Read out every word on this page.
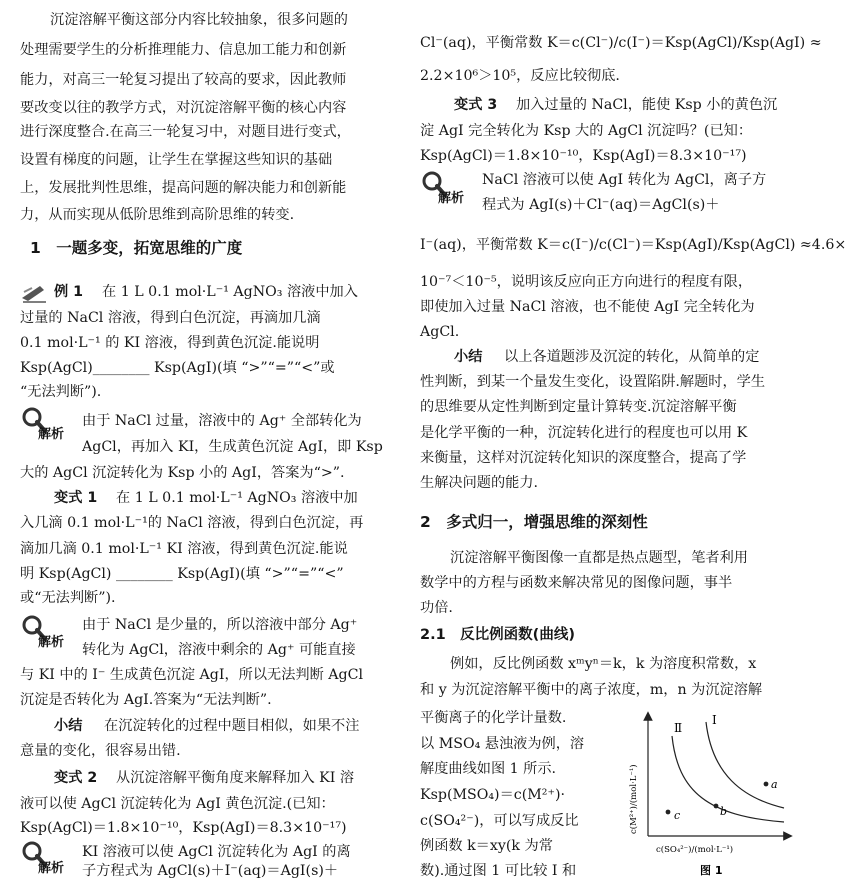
沉淀溶解平衡这部分内容比较抽象，很多问题的
处理需要学生的分析推理能力、信息加工能力和创新
能力，对高三一轮复习提出了较高的要求，因此教师
要改变以往的教学方式，对沉淀溶解平衡的核心内容
进行深度整合.在高三一轮复习中，对题目进行变式，
设置有梯度的问题，让学生在掌握这些知识的基础
上，发展批判性思维，提高问题的解决能力和创新能
力，从而实现从低阶思维到高阶思维的转变.
1　一题多变，拓宽思维的广度
例 1 在 1 L 0.1 mol·L⁻¹ AgNO₃ 溶液中加入
过量的 NaCl 溶液，得到白色沉淀，再滴加几滴
0.1 mol·L⁻¹ 的 KI 溶液，得到黄色沉淀.能说明
Ksp(AgCl)________ Ksp(AgI)(填 “>”“=”“<”或
“无法判断”).
解析
由于 NaCl 过量，溶液中的 Ag⁺ 全部转化为
AgCl，再加入 KI，生成黄色沉淀 AgI，即 Ksp
大的 AgCl 沉淀转化为 Ksp 小的 AgI，答案为“>”.
变式 1 在 1 L 0.1 mol·L⁻¹ AgNO₃ 溶液中加
入几滴 0.1 mol·L⁻¹的 NaCl 溶液，得到白色沉淀，再
滴加几滴 0.1 mol·L⁻¹ KI 溶液，得到黄色沉淀.能说
明 Ksp(AgCl) ________ Ksp(AgI)(填 “>”“=”“<”
或“无法判断”).
解析
由于 NaCl 是少量的，所以溶液中部分 Ag⁺
转化为 AgCl，溶液中剩余的 Ag⁺ 可能直接
与 KI 中的 I⁻ 生成黄色沉淀 AgI，所以无法判断 AgCl
沉淀是否转化为 AgI.答案为“无法判断”.
小结 在沉淀转化的过程中题目相似，如果不注
意量的变化，很容易出错.
变式 2 从沉淀溶解平衡角度来解释加入 KI 溶
液可以使 AgCl 沉淀转化为 AgI 黄色沉淀.(已知：
Ksp(AgCl)＝1.8×10⁻¹⁰，Ksp(AgI)＝8.3×10⁻¹⁷)
解析
KI 溶液可以使 AgCl 沉淀转化为 AgI 的离
子方程式为 AgCl(s)＋I⁻(aq)＝AgI(s)＋
Cl⁻(aq)，平衡常数 K＝c(Cl⁻)/c(I⁻)＝Ksp(AgCl)/Ksp(AgI) ≈
2.2×10⁶＞10⁵，反应比较彻底.
变式 3 加入过量的 NaCl，能使 Ksp 小的黄色沉
淀 AgI 完全转化为 Ksp 大的 AgCl 沉淀吗？(已知：
Ksp(AgCl)＝1.8×10⁻¹⁰，Ksp(AgI)＝8.3×10⁻¹⁷)
解析
NaCl 溶液可以使 AgI 转化为 AgCl，离子方
程式为 AgI(s)＋Cl⁻(aq)＝AgCl(s)＋
I⁻(aq)，平衡常数 K＝c(I⁻)/c(Cl⁻)＝Ksp(AgI)/Ksp(AgCl) ≈4.6×
10⁻⁷＜10⁻⁵，说明该反应向正方向进行的程度有限，
即使加入过量 NaCl 溶液，也不能使 AgI 完全转化为
AgCl.
小结 以上各道题涉及沉淀的转化，从简单的定
性判断，到某一个量发生变化，设置陷阱.解题时，学生
的思维要从定性判断到定量计算转变.沉淀溶解平衡
是化学平衡的一种，沉淀转化进行的程度也可以用 K
来衡量，这样对沉淀转化知识的深度整合，提高了学
生解决问题的能力.
2　多式归一，增强思维的深刻性
沉淀溶解平衡图像一直都是热点题型，笔者利用
数学中的方程与函数来解决常见的图像问题，事半
功倍.
2.1　反比例函数(曲线)
例如，反比例函数 xᵐyⁿ＝k，k 为溶度积常数，x
和 y 为沉淀溶解平衡中的离子浓度，m，n 为沉淀溶解
平衡离子的化学计量数.
以 MSO₄ 悬浊液为例，溶
解度曲线如图 1 所示.
Ksp(MSO₄)＝c(M²⁺)·
c(SO₄²⁻)，可以写成反比
例函数 k＝xy(k 为常
数).通过图 1 可比较 Ⅰ 和
Ⅱ
Ⅰ
a
b
c
c(M²⁺)/(mol·L⁻¹)
c(SO₄²⁻)/(mol·L⁻¹)
图 1
